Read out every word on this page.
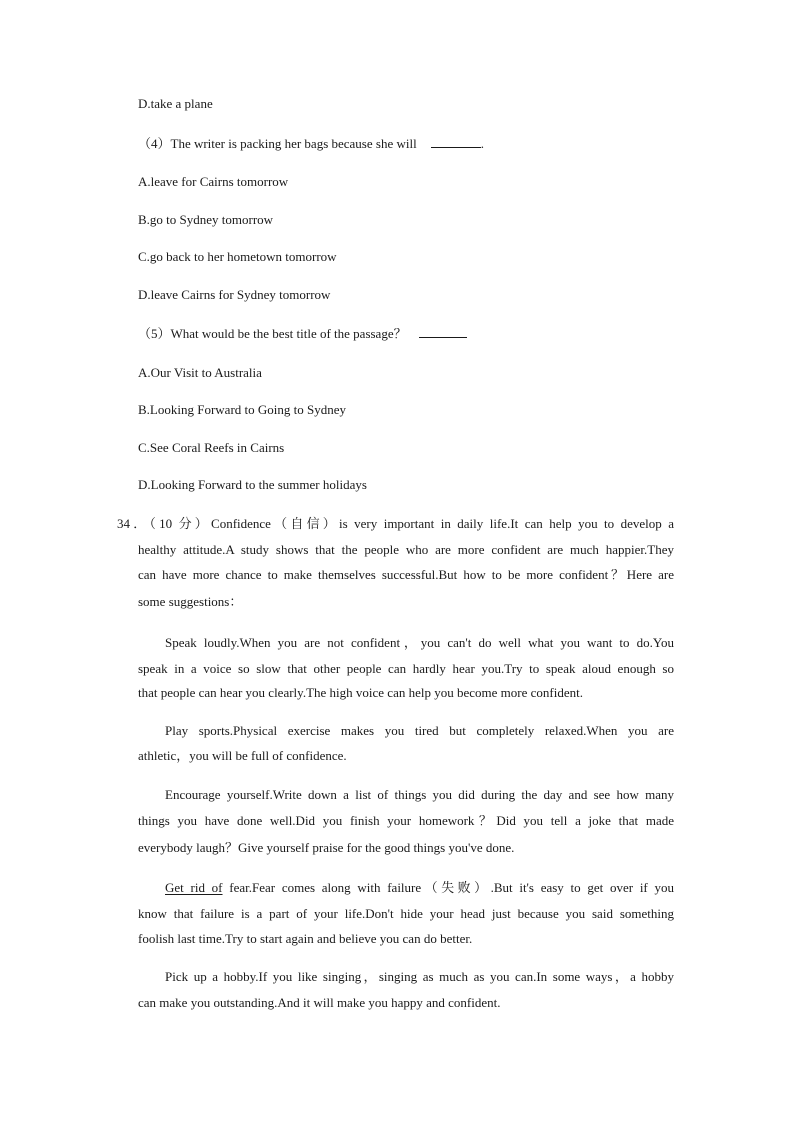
D.take a plane
（4）The writer is packing her bags because she will	.
A.leave for Cairns tomorrow
B.go to Sydney tomorrow
C.go back to her hometown tomorrow
D.leave Cairns for Sydney tomorrow
（5）What would be the best title of the passage？
A.Our Visit to Australia
B.Looking Forward to Going to Sydney
C.See Coral Reefs in Cairns
D.Looking Forward to the summer holidays
34．（10 分）Confidence（自信）is very important in daily life.It can help you to develop a
healthy attitude.A study shows that the people who are more confident are much happier.They
can have more chance to make themselves successful.But how to be more confident？Here are
some suggestions：
Speak loudly.When you are not confident，you can't do well what you want to do.You
speak in a voice so slow that other people can hardly hear you.Try to speak aloud enough so
that people can hear you clearly.The high voice can help you become more confident.
Play sports.Physical exercise makes you tired but completely relaxed.When you are
athletic，you will be full of confidence.
Encourage yourself.Write down a list of things you did during the day and see how many
things you have done well.Did you finish your homework？Did you tell a joke that made
everybody laugh？Give yourself praise for the good things you've done.
Get rid of fear.Fear comes along with failure（失败）.But it's easy to get over if you
know that failure is a part of your life.Don't hide your head just because you said something
foolish last time.Try to start again and believe you can do better.
Pick up a hobby.If you like singing，singing as much as you can.In some ways，a hobby
can make you outstanding.And it will make you happy and confident.
